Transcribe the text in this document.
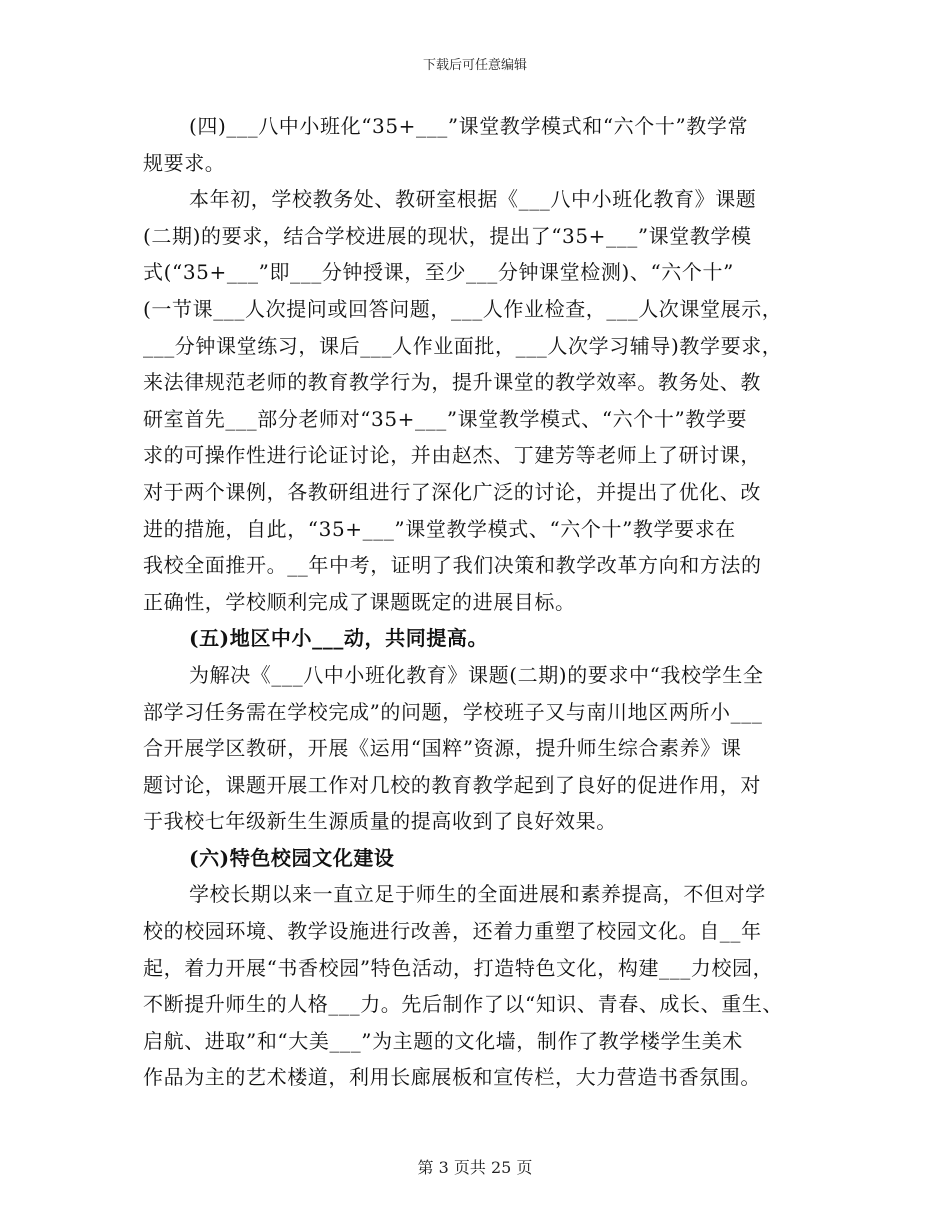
下载后可任意编辑
(四)___八中小班化“35+___”课堂教学模式和“六个十”教学常
规要求。
本年初，学校教务处、教研室根据《___八中小班化教育》课题
(二期)的要求，结合学校进展的现状，提出了“35+___”课堂教学模
式(“35+___”即___分钟授课，至少___分钟课堂检测)、“六个十”
(一节课___人次提问或回答问题，___人作业检查，___人次课堂展示，
___分钟课堂练习，课后___人作业面批，___人次学习辅导)教学要求，
来法律规范老师的教育教学行为，提升课堂的教学效率。教务处、教
研室首先___部分老师对“35+___”课堂教学模式、“六个十”教学要
求的可操作性进行论证讨论，并由赵杰、丁建芳等老师上了研讨课，
对于两个课例，各教研组进行了深化广泛的讨论，并提出了优化、改
进的措施，自此，“35+___”课堂教学模式、“六个十”教学要求在
我校全面推开。__年中考，证明了我们决策和教学改革方向和方法的
正确性，学校顺利完成了课题既定的进展目标。
(五)地区中小___动，共同提高。
为解决《___八中小班化教育》课题(二期)的要求中“我校学生全
部学习任务需在学校完成”的问题，学校班子又与南川地区两所小___
合开展学区教研，开展《运用“国粹”资源，提升师生综合素养》课
题讨论，课题开展工作对几校的教育教学起到了良好的促进作用，对
于我校七年级新生生源质量的提高收到了良好效果。
(六)特色校园文化建设
学校长期以来一直立足于师生的全面进展和素养提高，不但对学
校的校园环境、教学设施进行改善，还着力重塑了校园文化。自__年
起，着力开展“书香校园”特色活动，打造特色文化，构建___力校园，
不断提升师生的人格___力。先后制作了以“知识、青春、成长、重生、
启航、进取”和“大美___”为主题的文化墙，制作了教学楼学生美术
作品为主的艺术楼道，利用长廊展板和宣传栏，大力营造书香氛围。
第 3 页共 25 页
